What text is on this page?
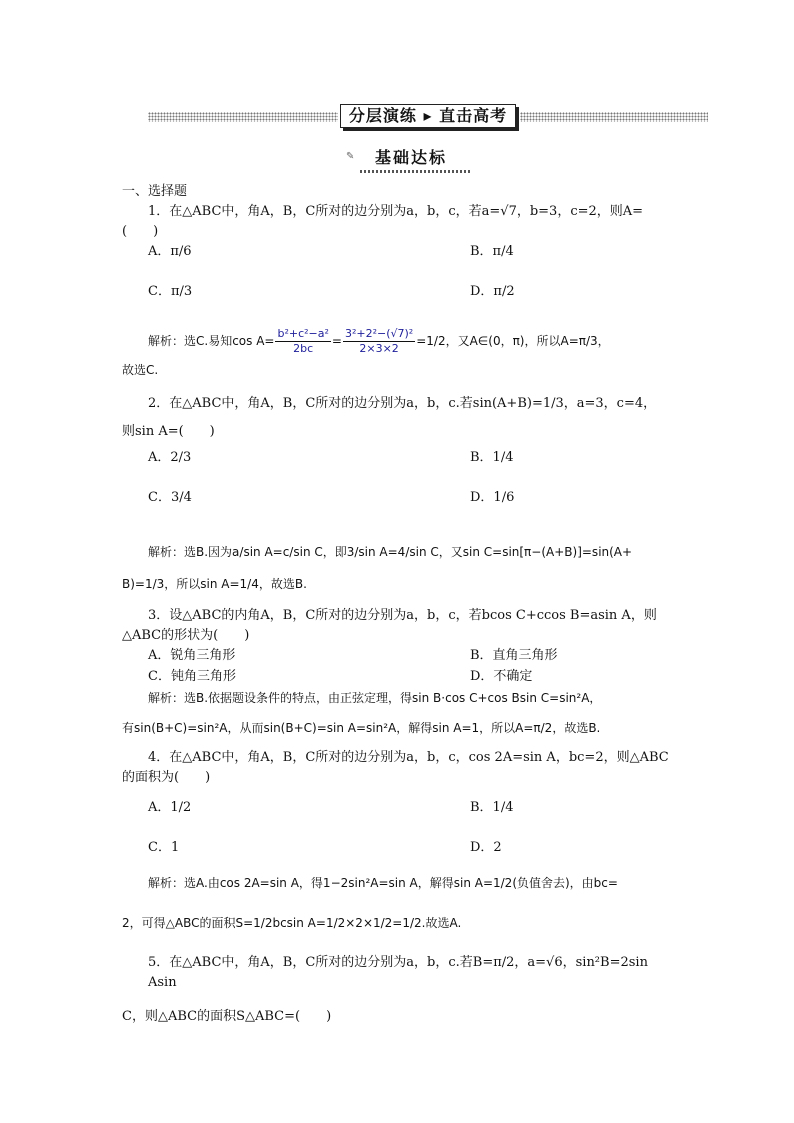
分层演练 ▸ 直击高考
✎	基础达标
一、选择题
1．在△ABC中，角A，B，C所对的边分别为a，b，c，若a=√7，b=3，c=2，则A=
(　　)
A．π/6	B．π/4
C．π/3	D．π/2
解析：选C.易知$\cos A= \frac{\text{b²+c²−a²}}{2bc} = \frac{\text{3²+2²−(√7)²}}{2\times 3\times 2} =1/2$，又A∈(0，π)，所以A=π/3，
故选C.
2．在△ABC中，角A，B，C所对的边分别为a，b，c.若sin(A+B)=1/3，a=3，c=4，
则sin A=(　　)
A．2/3	B．1/4
C．3/4	D．1/6
解析：选B.因为a/sin A=c/sin C，即3/sin A=4/sin C，又sin C=sin[π−(A+B)]=sin(A+
B)=1/3，所以sin A=1/4，故选B.
3．设△ABC的内角A，B，C所对的边分别为a，b，c，若bcos C+ccos B=asin A，则
△ABC的形状为(　　)
A．锐角三角形	B．直角三角形
C．钝角三角形	D．不确定
解析：选B.依据题设条件的特点，由正弦定理，得sin B·cos C+cos Bsin C=sin²A，
有sin(B+C)=sin²A，从而sin(B+C)=sin A=sin²A，解得sin A=1，所以A=π/2，故选B.
4．在△ABC中，角A，B，C所对的边分别为a，b，c，cos 2A=sin A，bc=2，则△ABC
的面积为(　　)
A．1/2	B．1/4
C．1	D．2
解析：选A.由cos 2A=sin A，得1−2sin²A=sin A，解得sin A=1/2(负值舍去)，由bc=
2，可得△ABC的面积S=1/2bcsin A=1/2×2×1/2=1/2.故选A.
5．在△ABC中，角A，B，C所对的边分别为a，b，c.若B=π/2，a=√6，sin²B=2sin Asin
C，则△ABC的面积S△ABC=(　　)
